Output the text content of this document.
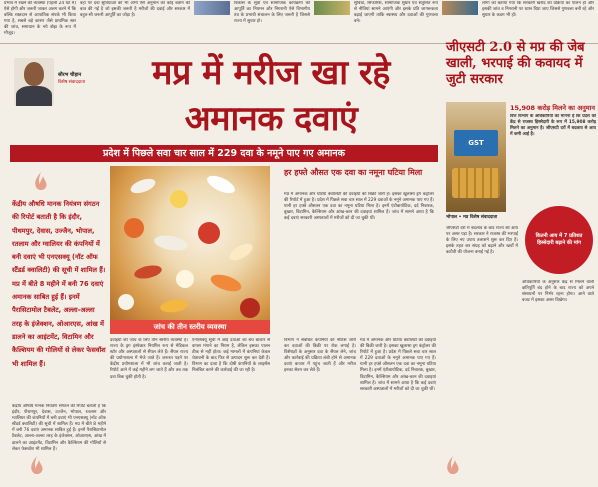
प्रभाव में रखने की व्यवस्था (पहली 24 घंटे में) ऐसे होगी और जरूरी जाकर अलग करने में कि बल्कि रक्तदान से आपातिक संपर्क भी किया गया है, सबसे बड़े कारण जैसे प्राथमिक स्तर की जांच, समाधान के नये बोझ के रूप में मौजूद।
वहां पर दवा सुविधाओं को भी अभी ऐसे अनुमान को कोई बताने की बात की गई है जो इसकी जरूरी है मरीजों की दवाई और सरकार में बहुत-सी जरूरी आपूर्ति का जोड़ा है।
विकास के सूत्रों एवं सामाजिक कार्यक्रमों की आपूर्ति का नियमन और निगरानी ऐसे विभागीय तंत्र के प्रभावी संचालन के लिए जरूरी है जिससे राज्य में सुधार हो।
सुविधा, सिफारिश, सामाजिक सुधार एवं संतुलित रूप से नीतियां सामने आएंगी और इसके प्रति जागरूकता बढ़ाई जाएगी ताकि स्वास्थ्य और दवाओं की गुणवत्ता बने।
लोगों को बताया गया कि सरकारी खरीद की प्रक्रिया का पालन हो और इसकी जांच व निगरानी पर ध्यान दिया जाए जिससे गुणवत्ता बनी रहे और सुधार के कदम भी हों।
सौरभ चौहान
विशेष संवाददाता	मप्र में मरीज खा रहे
अमानक दवाएं
प्रदेश में पिछले सवा चार साल में 229 दवा के नमूने पाए गए अमानक
केंद्रीय औषधि मानक नियंत्रण संगठन की रिपोर्ट बताती है कि इंदौर, पीथमपुर, देवास, उज्जैन, भोपाल, रतलाम और ग्वालियर की कंपनियों में बनी दवाएं भी एनएसक्यू (नॉट ऑफ स्टैंडर्ड क्वालिटी) की सूची में शामिल हैं। मप्र में बीते 8 महीने में बनी 76 दवाएं अमानक साबित हुई हैं। इनमें पैरासिटामोल टैबलेट, अल्ला-अल्ला तरह के इंजेक्शन, ओआरएस, आंख में डालने का आइंटमेंट, विटामिन और कैल्शियम की गोलियों से लेकर फेसवॉश भी शामिल हैं।
जांच की तीन स्तरीय व्यवस्था
दवाइयों की जांच के लिए तीन स्तरीय व्यवस्था है। राज्य के ड्रग इंस्पेक्टर नियमित रूप से मेडिकल स्टोर और अस्पतालों से सैंपल लेते हैं। सैंपल राज्य की प्रयोगशाला में भेजे जाते हैं। जरूरत पड़ने पर केंद्रीय प्रयोगशाला में भी जांच कराई जाती है। रिपोर्ट आने में कई महीने लग जाते हैं और तब तक दवा बिक चुकी होती है।
एनएसक्यू सूची में आई दवाओं का बैच बाजार से वापस मंगाने का नियम है, लेकिन इसका पालन ठीक से नहीं होता। कई मामलों में कंपनियां केवल चेतावनी के बाद फिर से उत्पादन शुरू कर देती हैं। विभाग का दावा है कि दोषी कंपनियों के लाइसेंस निलंबित करने की कार्रवाई की जा रही है।
केंद्रीय औषधि मानक नियंत्रण संगठन की रिपोर्ट बताती है कि इंदौर, पीथमपुर, देवास, उज्जैन, भोपाल, रतलाम और ग्वालियर की कंपनियों में बनी दवाएं भी एनएसक्यू (नॉट ऑफ स्टैंडर्ड क्वालिटी) की सूची में शामिल हैं। मप्र में बीते 8 महीने में बनी 76 दवाएं अमानक साबित हुई हैं। इनमें पैरासिटामोल टैबलेट, अल्ला-अल्ला तरह के इंजेक्शन, ओआरएस, आंख में डालने का आइंटमेंट, विटामिन और कैल्शियम की गोलियों से लेकर फेसवॉश भी शामिल हैं।
हर हफ्ते औसत एक दवा का नमूना घटिया मिला
मप्र में अमानक और घटिया क्वालिटी की दवाइयों की बिक्री जारी है। इसका खुलासा ड्रग कंट्रोलर की रिपोर्ट में हुआ है। प्रदेश में पिछले सवा चार साल में 229 दवाओं के नमूने अमानक पाए गए हैं। यानी हर हफ्ते औसतन एक दवा का नमूना घटिया मिला है। इनमें एंटीबायोटिक, दर्द निवारक, बुखार, विटामिन, कैल्शियम और आंख-कान की दवाइयां शामिल हैं। जांच में सामने आया है कि कई दवाएं सरकारी अस्पतालों में मरीजों को दी जा चुकी थीं।
विभाग ने संबंधित कंपनियों को नोटिस जारी कर दवाओं की बिक्री पर रोक लगाई है। विशेषज्ञों के अनुसार दवा के सैंपल लेने, जांच और कार्रवाई की प्रक्रिया लंबी होने से अमानक दवाएं बाजार में पहुंच जाती हैं और मरीज इनका सेवन कर लेते हैं।
मप्र में अमानक और घटिया क्वालिटी की दवाइयों की बिक्री जारी है। इसका खुलासा ड्रग कंट्रोलर की रिपोर्ट में हुआ है। प्रदेश में पिछले सवा चार साल में 229 दवाओं के नमूने अमानक पाए गए हैं। यानी हर हफ्ते औसतन एक दवा का नमूना घटिया मिला है। इनमें एंटीबायोटिक, दर्द निवारक, बुखार, विटामिन, कैल्शियम और आंख-कान की दवाइयां शामिल हैं। जांच में सामने आया है कि कई दवाएं सरकारी अस्पतालों में मरीजों को दी जा चुकी थीं।
जीएसटी 2.0 से मप्र की जेब खाली, भरपाई की कवायद में जुटी सरकार
GST
भोपाल • मप्र विशेष संवाददाता
15,908 करोड़ मिलने का अनुमान
वित्त विभाग के अधिकारियों का मानना है कि प्रदेश को केंद्र से राजस्व हिस्सेदारी के रूप में 15,908 करोड़ मिलने का अनुमान है। जीएसटी दरों में बदलाव से आय में कमी आई है।
कितनी आय में 7 प्रतिशत हिस्सेदारी बढ़ाने की मांग
जीएसटी दरों में बदलाव के बाद राज्य की आय पर असर पड़ा है। सरकार ने राजस्व की भरपाई के लिए नए उपाय तलाशने शुरू कर दिए हैं। इसके तहत कर संग्रह को बढ़ाने और खर्चों में कटौती की योजना बनाई गई है।
अधिकारियों के अनुसार केंद्र से मिलने वाली क्षतिपूर्ति बंद होने के बाद राज्य को अपने संसाधनों पर निर्भर रहना होगा। आने वाले बजट में इसका असर दिखेगा।
